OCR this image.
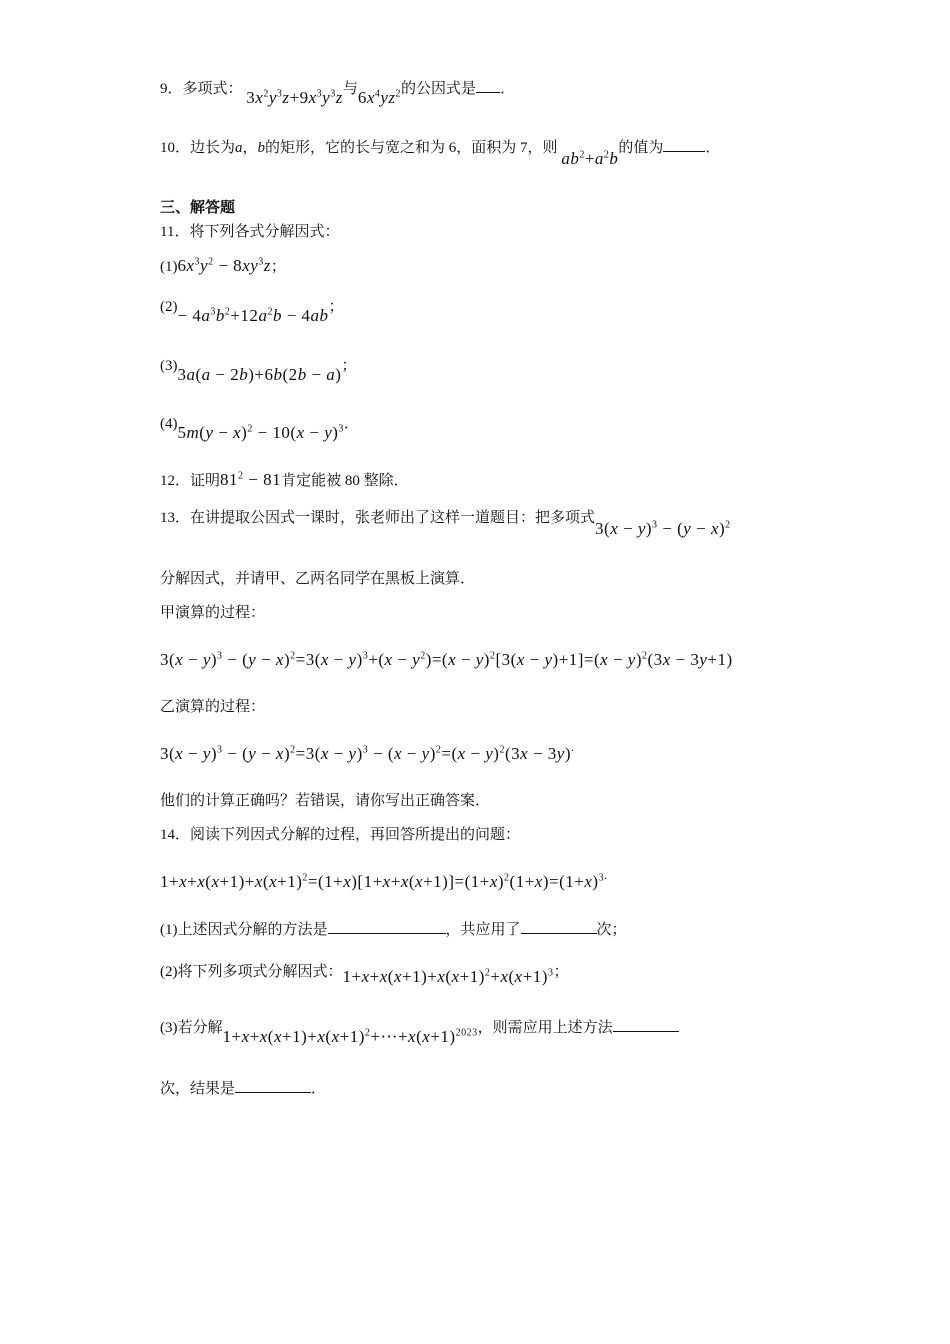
9．多项式： $3x^2y^3z+9x^3y^3z$与$6x^4yz^2$的公因式是 ．
10．边长为a，b的矩形，它的长与宽之和为 6，面积为 7，则 $ab^2+a^2b$的值为	．
三、解答题
11．将下列各式分解因式：
$(1)6x^3y^2 - 8xy^3z$；
$(2)- 4a^3b^2+12a^2b - 4ab$；
(3)3a(a − 2b)+6b(2b − a)；
$(4)5m(y - x)^2 - 10(x - y)^3$．
12．证明$81^2 - 81$肯定能被 80 整除．
13．在讲提取公因式一课时，张老师出了这样一道题目：把多项式$3(x - y)^3 - (y - x)^2$
分解因式，并请甲、乙两名同学在黑板上演算．
甲演算的过程：
$3(x - y)^3 - (y - x)^2=3(x - y)^3+(x - y^2)=(x - y)^2[3(x - y)+1]=(x - y)^2(3x - 3y+1)$
乙演算的过程：
$3(x - y)^3 - (y - x)^2=3(x - y)^3 - (x - y)^2=(x - y)^2(3x - 3y)^.$
他们的计算正确吗？若错误，请你写出正确答案．
14．阅读下列因式分解的过程，再回答所提出的问题：
$1+x+x(x+1)+x(x+1)^2=(1+x)[1+x+x(x+1)]=(1+x)^2(1+x)=(1+x)^{3.}$
(1)上述因式分解的方法是	，共应用了	次；
(2)将下列多项式分解因式：$1+x+x(x+1)+x(x+1)^2+x(x+1)^3$；
(3)若分解$1+x+x(x+1)+x(x+1)^2+\cdots+x(x+1)^{2023}$，则需应用上述方法
次，结果是	．
